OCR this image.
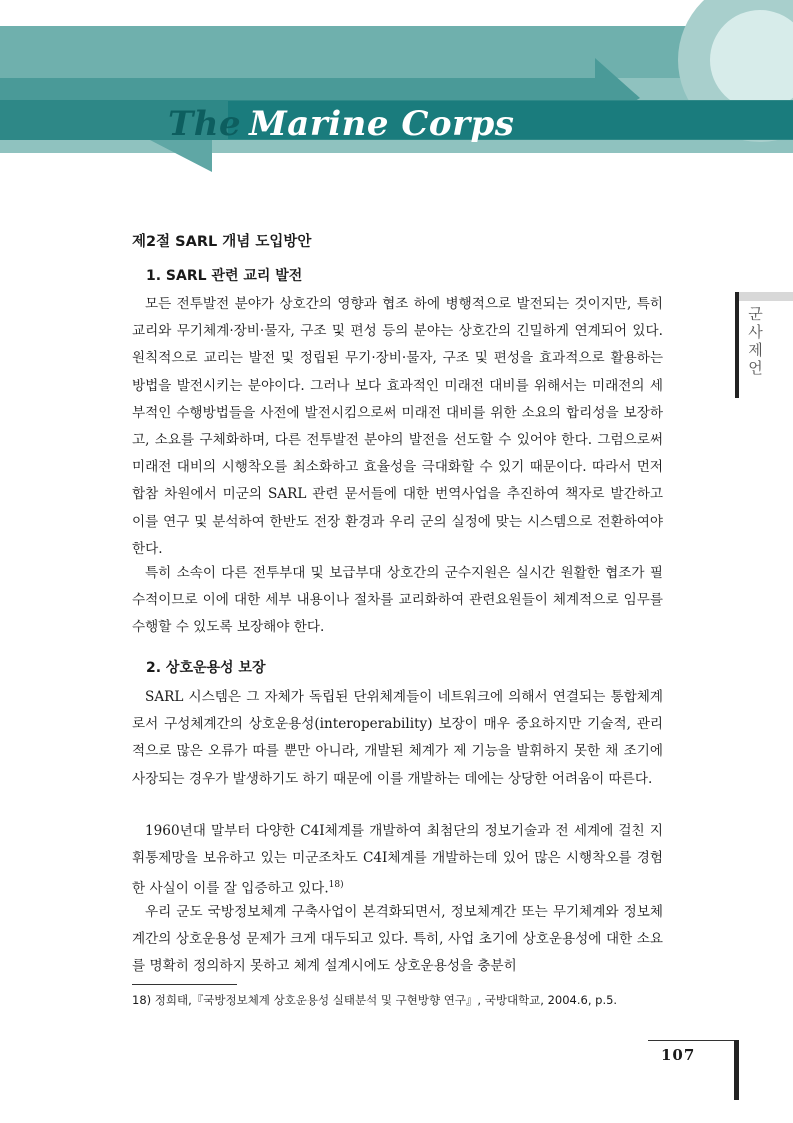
The Marine Corps
군사제언
제2절 SARL 개념 도입방안
1. SARL 관련 교리 발전
모든 전투발전 분야가 상호간의 영향과 협조 하에 병행적으로 발전되는 것이지만, 특히 교리와 무기체계·장비·물자, 구조 및 편성 등의 분야는 상호간의 긴밀하게 연계되어 있다. 원칙적으로 교리는 발전 및 정립된 무기·장비·물자, 구조 및 편성을 효과적으로 활용하는 방법을 발전시키는 분야이다. 그러나 보다 효과적인 미래전 대비를 위해서는 미래전의 세부적인 수행방법들을 사전에 발전시킴으로써 미래전 대비를 위한 소요의 합리성을 보장하고, 소요를 구체화하며, 다른 전투발전 분야의 발전을 선도할 수 있어야 한다. 그럼으로써 미래전 대비의 시행착오를 최소화하고 효율성을 극대화할 수 있기 때문이다. 따라서 먼저 합참 차원에서 미군의 SARL 관련 문서들에 대한 번역사업을 추진하여 책자로 발간하고 이를 연구 및 분석하여 한반도 전장 환경과 우리 군의 실정에 맞는 시스템으로 전환하여야 한다.
특히 소속이 다른 전투부대 및 보급부대 상호간의 군수지원은 실시간 원활한 협조가 필수적이므로 이에 대한 세부 내용이나 절차를 교리화하여 관련요원들이 체계적으로 임무를 수행할 수 있도록 보장해야 한다.
2. 상호운용성 보장
SARL 시스템은 그 자체가 독립된 단위체계들이 네트워크에 의해서 연결되는 통합체계로서 구성체계간의 상호운용성(interoperability) 보장이 매우 중요하지만 기술적, 관리적으로 많은 오류가 따를 뿐만 아니라, 개발된 체계가 제 기능을 발휘하지 못한 채 조기에 사장되는 경우가 발생하기도 하기 때문에 이를 개발하는 데에는 상당한 어려움이 따른다.
1960년대 말부터 다양한 C4I체계를 개발하여 최첨단의 정보기술과 전 세계에 걸친 지휘통제망을 보유하고 있는 미군조차도 C4I체계를 개발하는데 있어 많은 시행착오를 경험한 사실이 이를 잘 입증하고 있다.$^{18)}$
우리 군도 국방정보체계 구축사업이 본격화되면서, 정보체계간 또는 무기체계와 정보체계간의 상호운용성 문제가 크게 대두되고 있다. 특히, 사업 초기에 상호운용성에 대한 소요를 명확히 정의하지 못하고 체계 설계시에도 상호운용성을 충분히
18) 정희태,『국방정보체계 상호운용성 실태분석 및 구현방향 연구』, 국방대학교, 2004.6, p.5.
107
